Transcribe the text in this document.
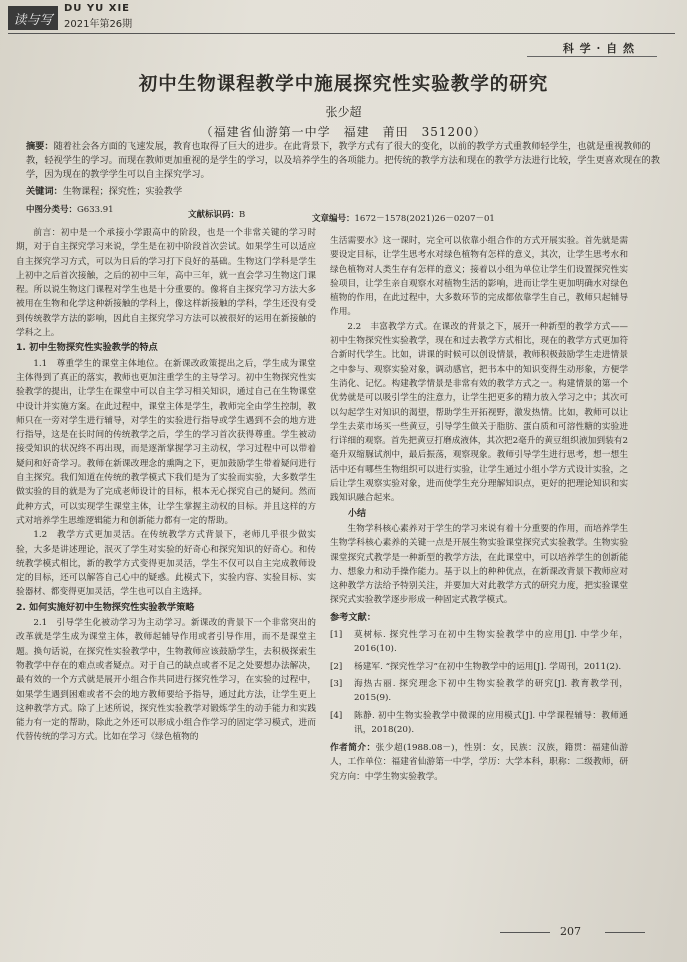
读与写
DU YU XIE
2021年第26期
科 学 · 自 然
初中生物课程教学中施展探究性实验教学的研究
张少超
（福建省仙游第一中学　福建　莆田　351200）
摘要：随着社会各方面的飞速发展，教育也取得了巨大的进步。在此背景下，教学方式有了很大的变化，以前的教学方式重教师轻学生，也就是重视教师的教，轻视学生的学习。而现在教师更加重视的是学生的学习，以及培养学生的各项能力。把传统的教学方法和现在的教学方法进行比较，学生更喜欢现在的教学，因为现在的教学学生可以自主探究学习。
关键词：生物课程；探究性；实验教学
中图分类号：G633.91	文献标识码：B	文章编号：1672－1578(2021)26－0207－01

前言：初中是一个承接小学跟高中的阶段，也是一个非常关键的学习时期，对于自主探究学习来说，学生是在初中阶段首次尝试。如果学生可以适应自主探究学习方式，可以为日后的学习打下良好的基础。生物这门学科是学生上初中之后首次接触，之后的初中三年，高中三年，就一直会学习生物这门课程。所以说生物这门课程对学生也是十分重要的。像将自主探究学习方法大多被用在生物和化学这种新接触的学科上，像这样新接触的学科，学生还没有受到传统教学方法的影响，因此自主探究学习方法可以被很好的运用在新接触的学科之上。

1. 初中生物探究性实验教学的特点

1.1　尊重学生的课堂主体地位。在新课改政策提出之后，学生成为课堂主体得到了真正的落实，教师也更加注重学生的主导学习。初中生物探究性实验教学的提出，让学生在课堂中可以自主学习相关知识，通过自己在生物课堂中设计并实施方案。在此过程中，课堂主体是学生，教师完全由学生控制，教师只在一旁对学生进行辅导，对学生的实验进行指导或学生遇到不会的地方进行指导，这是在长时间的传统教学之后，学生的学习首次获得尊重。学生被动接受知识的状况终不再出现，而是逐渐掌握学习主动权，学习过程中可以带着疑问和好奇学习。教师在新课改理念的熏陶之下，更加鼓励学生带着疑问进行自主探究。我们知道在传统的教学模式下我们是为了实验而实验，大多数学生做实验的目的就是为了完成老师设计的目标，根本无心探究自己的疑问。然而此种方式，可以实现学生课堂主体，让学生掌握主动权的目标。并且这样的方式对培养学生思维逻辑能力和创新能力都有一定的帮助。

1.2　教学方式更加灵活。在传统教学方式背景下，老师几乎很少做实验，大多是讲述理论，泯灭了学生对实验的好奇心和探究知识的好奇心。和传统教学模式相比，新的教学方式变得更加灵活，学生不仅可以自主完成教师设定的目标，还可以解答自己心中的疑惑。此模式下，实验内容、实验目标、实验器材、都变得更加灵活，学生也可以自主选择。

2. 如何实施好初中生物探究性实验教学策略

2.1　引导学生化被动学习为主动学习。新课改的背景下一个非常突出的改革就是学生成为课堂主体，教师起辅导作用或者引导作用，而不是课堂主题。换句话说，在探究性实验教学中，生物教师应该鼓励学生，去积极探索生物教学中存在的难点或者疑点。对于自己的缺点或者不足之处要想办法解决，最有效的一个方式就是展开小组合作共同进行探究性学习，在实验的过程中，如果学生遇到困难或者不会的地方教师要给予指导，通过此方法，让学生更上这种教学方式。除了上述所说，探究性实验教学对锻炼学生的动手能力和实践能力有一定的帮助，除此之外还可以形成小组合作学习的固定学习模式，进而代替传统的学习方式。比如在学习《绿色植物的

生活需要水》这一课时，完全可以依靠小组合作的方式开展实验。首先就是需要设定目标，让学生思考水对绿色植物有怎样的意义，其次，让学生思考水和绿色植物对人类生存有怎样的意义；接着以小组为单位让学生们设置探究性实验项目，让学生亲自观察水对植物生活的影响，进而让学生更加明确水对绿色植物的作用，在此过程中，大多数环节的完成都依靠学生自己，教师只起辅导作用。

2.2　丰富教学方式。在课改的背景之下，展开一种新型的教学方式——初中生物探究性实验教学，现在和过去教学方式相比，现在的教学方式更加符合新时代学生。比如，讲课的时候可以创设情景，教师积极鼓励学生走进情景之中参与、观察实验对象，调动感官，把书本中的知识变得生动形象，方便学生消化、记忆。构建教学情景是非常有效的教学方式之一。构建情景的第一个优势就是可以吸引学生的注意力，让学生把更多的精力放入学习之中；其次可以勾起学生对知识的渴望，帮助学生开拓视野，激发热情。比如，教师可以让学生去菜市场买一些黄豆，引导学生做关于脂肪、蛋白质和可溶性糖的实验进行详细的观察。首先把黄豆打磨成液体，其次把2毫升的黄豆组织液加到装有2毫升双缩脲试剂中，最后振荡，观察现象。教师引导学生进行思考，想一想生活中还有哪些生物组织可以进行实验，让学生通过小组小学方式设计实验，之后让学生观察实验对象，进而使学生充分理解知识点，更好的把理论知识和实践知识融合起来。

小结

生物学科核心素养对于学生的学习来说有着十分重要的作用，而培养学生生物学科核心素养的关键一点是开展生物实验课堂探究式实验教学。生物实验课堂探究式教学是一种新型的教学方法，在此课堂中，可以培养学生的创新能力、想象力和动手操作能力。基于以上的种种优点，在新课改背景下教师应对这种教学方法给予特别关注，并要加大对此教学方式的研究力度，把实验课堂探究式实验教学逐步形成一种固定式教学模式。

参考文献：
[1]	莫树标. 探究性学习在初中生物实验教学中的应用[J]. 中学少年，2016(10).
[2]	杨建军. “探究性学习”在初中生物教学中的运用[J]. 学周刊，2011(2).
[3]	海热古丽. 探究理念下初中生物实验教学的研究[J]. 教育教学刊，2015(9).
[4]	陈静. 初中生物实验教学中微课的应用模式[J]. 中学课程辅导：教师通讯，2018(20).
作者简介：张少超(1988.08－)，性别：女，民族：汉族，籍贯：福建仙游人，工作单位：福建省仙游第一中学，学历：大学本科，职称：二级教师，研究方向：中学生物实验教学。
207
